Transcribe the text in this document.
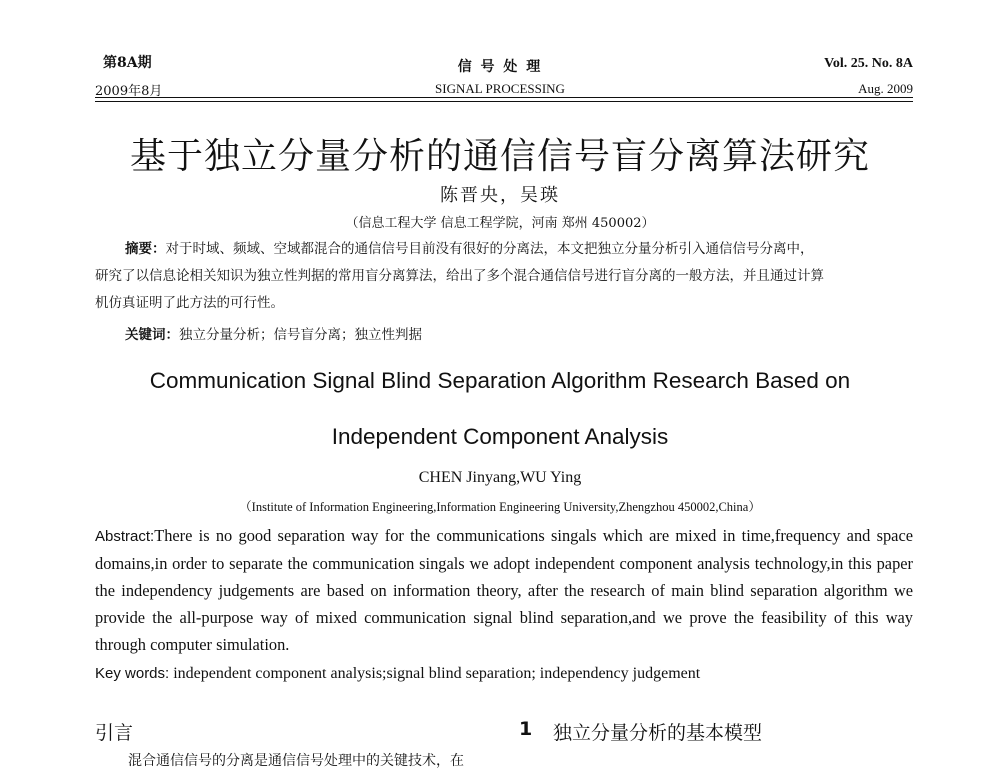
第8A期
2009年8月
信 号 处 理
SIGNAL PROCESSING
Vol. 25. No. 8A
Aug. 2009
基于独立分量分析的通信信号盲分离算法研究
陈晋央，吴瑛
（信息工程大学 信息工程学院，河南 郑州 450002）
摘要：对于时域、频域、空域都混合的通信信号目前没有很好的分离法，本文把独立分量分析引入通信信号分离中，
研究了以信息论相关知识为独立性判据的常用盲分离算法，给出了多个混合通信信号进行盲分离的一般方法，并且通过计算
机仿真证明了此方法的可行性。
关键词：独立分量分析；信号盲分离；独立性判据
Communication Signal Blind Separation Algorithm Research Based on
Independent Component Analysis
CHEN Jinyang,WU Ying
（Institute of Information Engineering,Information Engineering University,Zhengzhou 450002,China）
Abstract:There is no good separation way for the communications singals which are mixed in time,frequency and space domains,in order to separate the communication singals we adopt independent component analysis technology,in this paper the independency judgements are based on information theory, after the research of main blind separation algorithm we provide the all-purpose way of mixed communication signal blind separation,and we prove the feasibility of this way through computer simulation.
Key words: independent component analysis;signal blind separation; independency judgement
引言	1 独立分量分析的基本模型
混合通信信号的分离是通信信号处理中的关键技术，在
